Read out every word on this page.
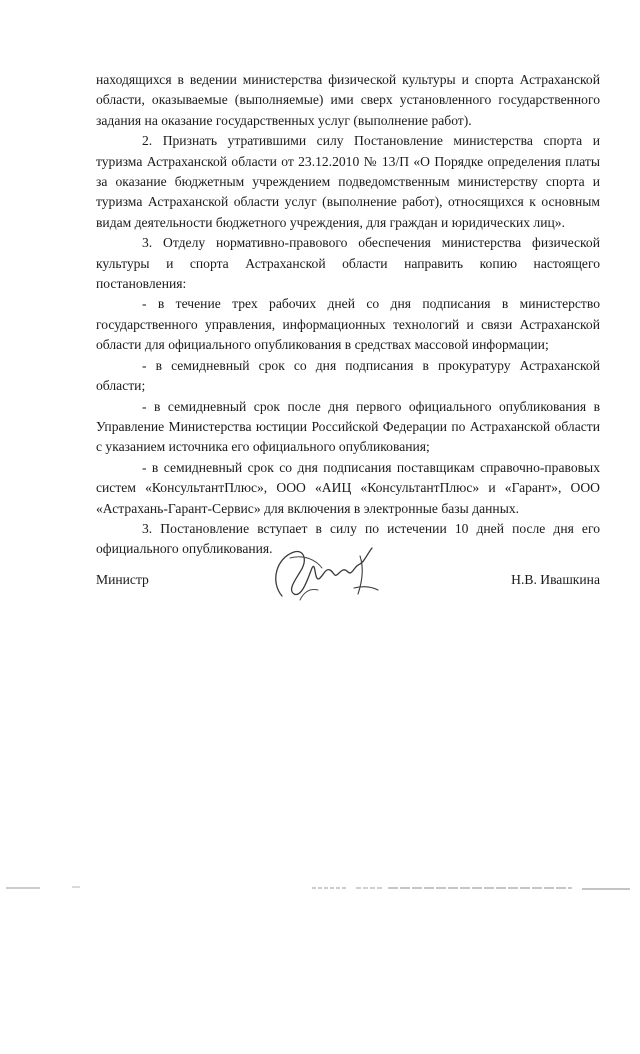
находящихся в ведении министерства физической культуры и спорта Астраханской области, оказываемые (выполняемые) ими сверх установленного государственного задания на оказание государственных услуг (выполнение работ).

2. Признать утратившими силу Постановление министерства спорта и туризма Астраханской области от 23.12.2010 № 13/П «О Порядке определения платы за оказание бюджетным учреждением подведомственным министерству спорта и туризма Астраханской области услуг (выполнение работ), относящихся к основным видам деятельности бюджетного учреждения, для граждан и юридических лиц».

3. Отделу нормативно-правового обеспечения министерства физической культуры и спорта Астраханской области направить копию настоящего постановления:

- в течение трех рабочих дней со дня подписания в министерство государственного управления, информационных технологий и связи Астраханской области для официального опубликования в средствах массовой информации;

- в семидневный срок со дня подписания в прокуратуру Астраханской области;

- в семидневный срок после дня первого официального опубликования в Управление Министерства юстиции Российской Федерации по Астраханской области с указанием источника его официального опубликования;

- в семидневный срок со дня подписания поставщикам справочно-правовых систем «КонсультантПлюс», ООО «АИЦ «КонсультантПлюс» и «Гарант», ООО «Астрахань-Гарант-Сервис» для включения в электронные базы данных.

3. Постановление вступает в силу по истечении 10 дней после дня его официального опубликования.

Министр	Н.В. Ивашкина
